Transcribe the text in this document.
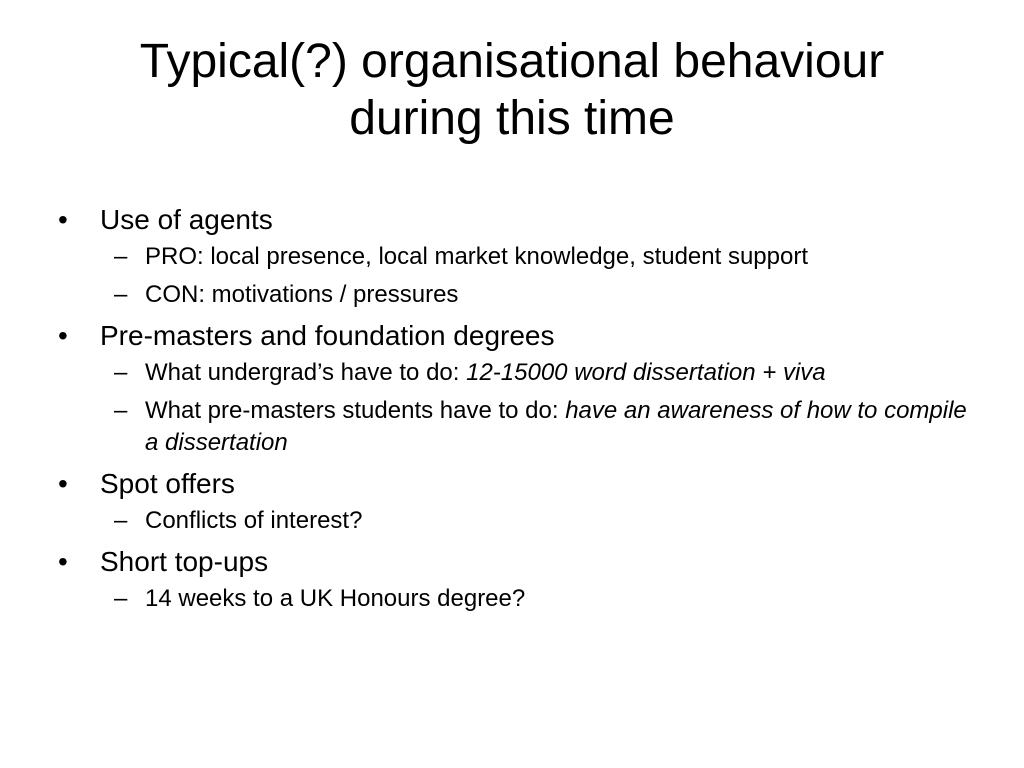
Typical(?) organisational behaviour
during this time
•	Use of agents
– PRO: local presence, local market knowledge, student support
– CON: motivations / pressures
•	Pre-masters and foundation degrees
– What undergrad’s have to do: 12-15000 word dissertation + viva
– What pre-masters students have to do: have an awareness of how to compile a dissertation
•	Spot offers
– Conflicts of interest?
•	Short top-ups
– 14 weeks to a UK Honours degree?
